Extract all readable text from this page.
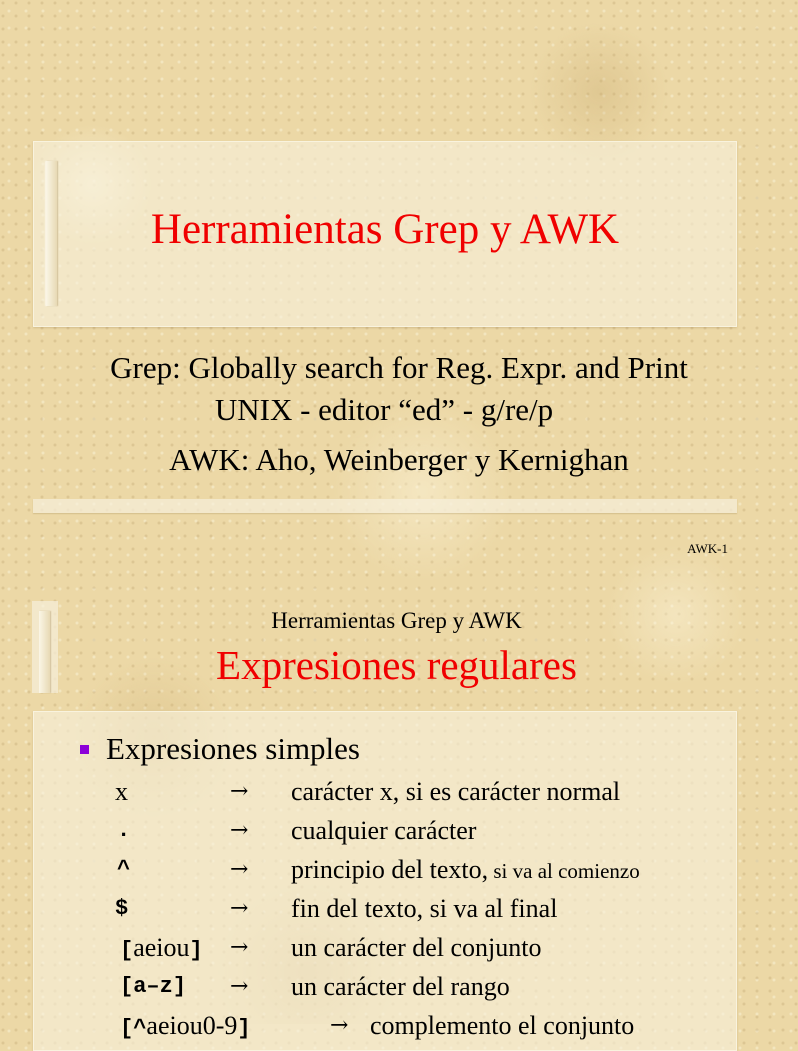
Herramientas Grep y AWK
Grep: Globally search for Reg. Expr. and Print
UNIX - editor “ed” - g/re/p
AWK: Aho, Weinberger y Kernighan
AWK-1
Herramientas Grep y AWK
Expresiones regulares
Expresiones simples
x	→ carácter x, si es carácter normal
.	→ cualquier carácter
^	→ principio del texto, si va al comienzo
$	→ fin del texto, si va al final
[aeiou] → un carácter del conjunto
[a–z] → un carácter del rango
[^aeiou0-9]	→ complemento el conjunto
